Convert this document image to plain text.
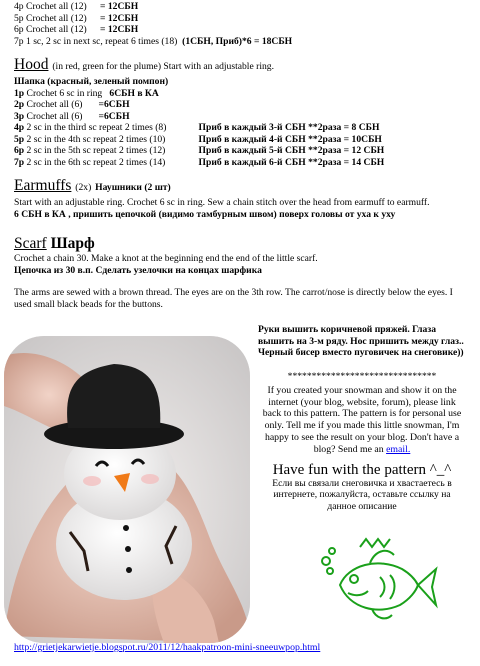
4p Crochet all (12) = 12СБН
5p Crochet all (12) = 12СБН
6p Crochet all (12) = 12СБН
7p 1 sc, 2 sc in next sc, repeat 6 times (18) (1СБН, Приб)*6 = 18СБН
Hood (in red, green for the plume) Start with an adjustable ring.
Шапка (красный, зеленый помпон)
1p Crochet 6 sc in ring 6СБН в КА
2p Crochet all (6) =6СБН
3p Crochet all (6) =6СБН
4p 2 sc in the third sc repeat 2 times (8)	Приб в каждый 3-й СБН **2раза = 8 СБН
5p 2 sc in the 4th sc repeat 2 times (10)	Приб в каждый 4-й СБН **2раза = 10СБН
6p 2 sc in the 5th sc repeat 2 times (12)	Приб в каждый 5-й СБН **2раза = 12 СБН
7p 2 sc in the 6th sc repeat 2 times (14)	Приб в каждый 6-й СБН **2раза = 14 СБН
Earmuffs (2x) Наушники (2 шт)
Start with an adjustable ring. Crochet 6 sc in ring. Sew a chain stitch over the head from earmuff to earmuff.
6 СБН в КА , пришить цепочкой (видимо тамбурным швом) поверх головы от уха к уху
Scarf Шарф
Crochet a chain 30. Make a knot at the beginning end the end of the little scarf.
Цепочка из 30 в.п. Сделать узелочки на концах шарфика
The arms are sewed with a brown thread. The eyes are on the 3th row. The carrot/nose is directly below the eyes. I used small black beads for the buttons.
Руки вышить коричневой пряжей. Глаза вышить на 3-м ряду. Нос пришить между глаз.. Черный бисер вместо пуговичек на снеговике))
*******************************
If you created your snowman and show it on the internet (your blog, website, forum), please link back to this pattern. The pattern is for personal use only. Tell me if you made this little snowman, I'm happy to see the result on your blog. Don't have a blog? Send me an email.
Have fun with the pattern ^_^
Если вы связали снеговичка и хвастаетесь в интернете, пожалуйста, оставьте ссылку на данное описание
http://grietjekarwietje.blogspot.ru/2011/12/haakpatroon-mini-sneeuwpop.html
